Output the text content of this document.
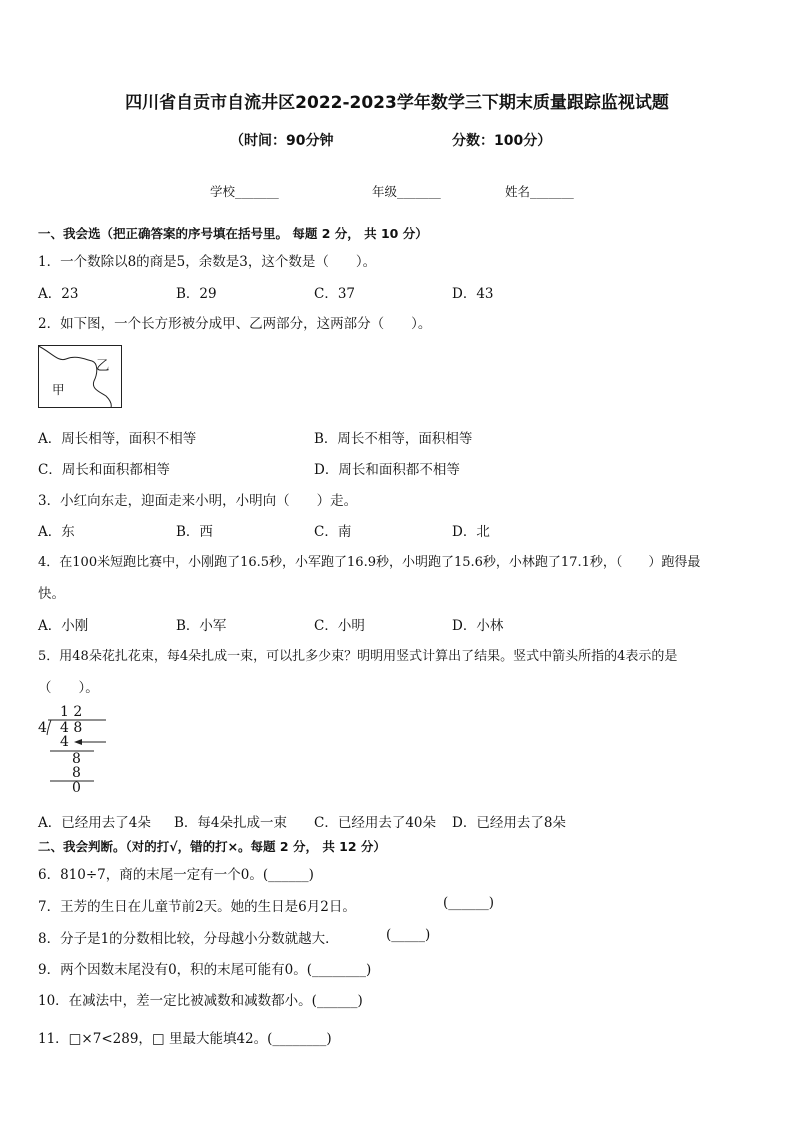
四川省自贡市自流井区2022-2023学年数学三下期末质量跟踪监视试题
（时间：90分钟	分数：100分）
学校_______	年级_______	姓名_______
一、我会选（把正确答案的序号填在括号里。 每题 2 分， 共 10 分）
1．一个数除以8的商是5，余数是3，这个数是（　　）。
A．23	B．29	C．37	D．43
2．如下图，一个长方形被分成甲、乙两部分，这两部分（　　）。
乙
甲
A．周长相等，面积不相等	B．周长不相等，面积相等
C．周长和面积都相等	D．周长和面积都不相等
3．小红向东走，迎面走来小明，小明向（　　）走。
A．东	B．西	C．南	D．北
4．在100米短跑比赛中，小刚跑了16.5秒，小军跑了16.9秒，小明跑了15.6秒，小林跑了17.1秒，（　　）跑得最
快。
A．小刚	B．小军	C．小明	D．小林
5．用48朵花扎花束，每4朵扎成一束，可以扎多少束？明明用竖式计算出了结果。竖式中箭头所指的4表示的是
（　　）。
1 2
4 4 8
4
8
8
0
A．已经用去了4朵 B．每4朵扎成一束 C．已经用去了40朵 D．已经用去了8朵
二、我会判断。（对的打√，错的打×。每题 2 分， 共 12 分）
6．810÷7，商的末尾一定有一个0。(______)
7．王芳的生日在儿童节前2天。她的生日是6月2日。	(______)
8．分子是1的分数相比较，分母越小分数就越大．	(_____)
9．两个因数末尾没有0，积的末尾可能有0。(________)
10．在减法中，差一定比被减数和减数都小。(______)
11．□×7<289，□ 里最大能填42。(________)
